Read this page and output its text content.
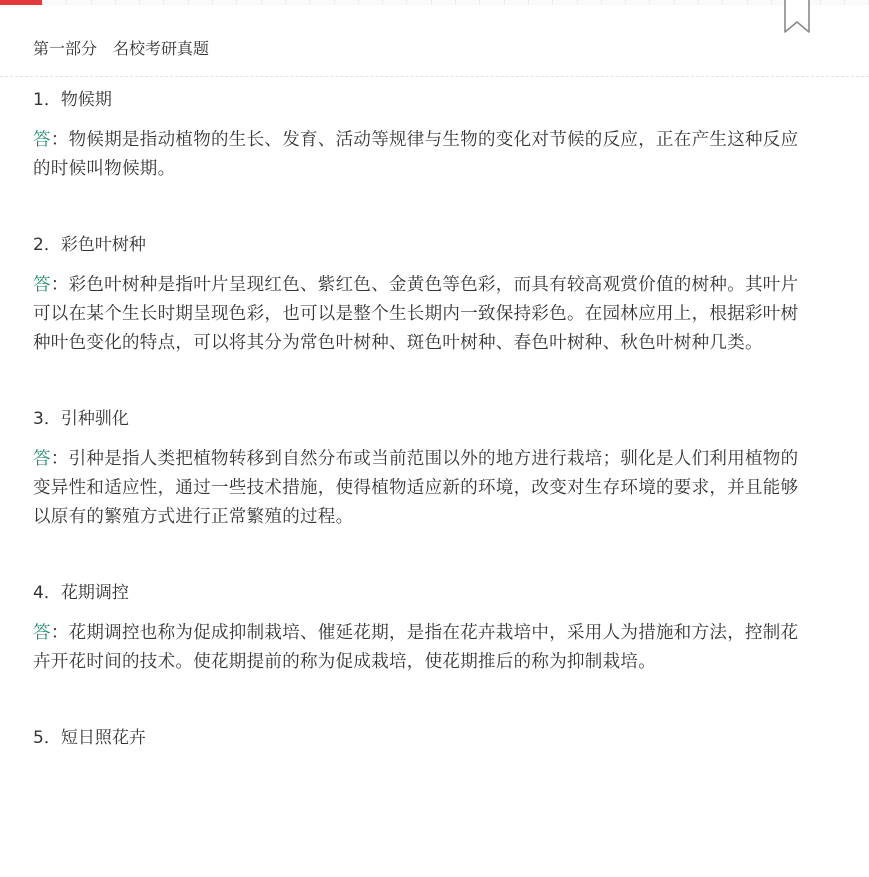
第一部分　名校考研真题
1．物候期

答：物候期是指动植物的生长、发育、活动等规律与生物的变化对节候的反应，正在产生这种反应的时候叫物候期。

2．彩色叶树种

答：彩色叶树种是指叶片呈现红色、紫红色、金黄色等色彩，而具有较高观赏价值的树种。其叶片可以在某个生长时期呈现色彩，也可以是整个生长期内一致保持彩色。在园林应用上，根据彩叶树种叶色变化的特点，可以将其分为常色叶树种、斑色叶树种、春色叶树种、秋色叶树种几类。

3．引种驯化

答：引种是指人类把植物转移到自然分布或当前范围以外的地方进行栽培；驯化是人们利用植物的变异性和适应性，通过一些技术措施，使得植物适应新的环境，改变对生存环境的要求，并且能够以原有的繁殖方式进行正常繁殖的过程。

4．花期调控

答：花期调控也称为促成抑制栽培、催延花期，是指在花卉栽培中，采用人为措施和方法，控制花卉开花时间的技术。使花期提前的称为促成栽培，使花期推后的称为抑制栽培。

5．短日照花卉
